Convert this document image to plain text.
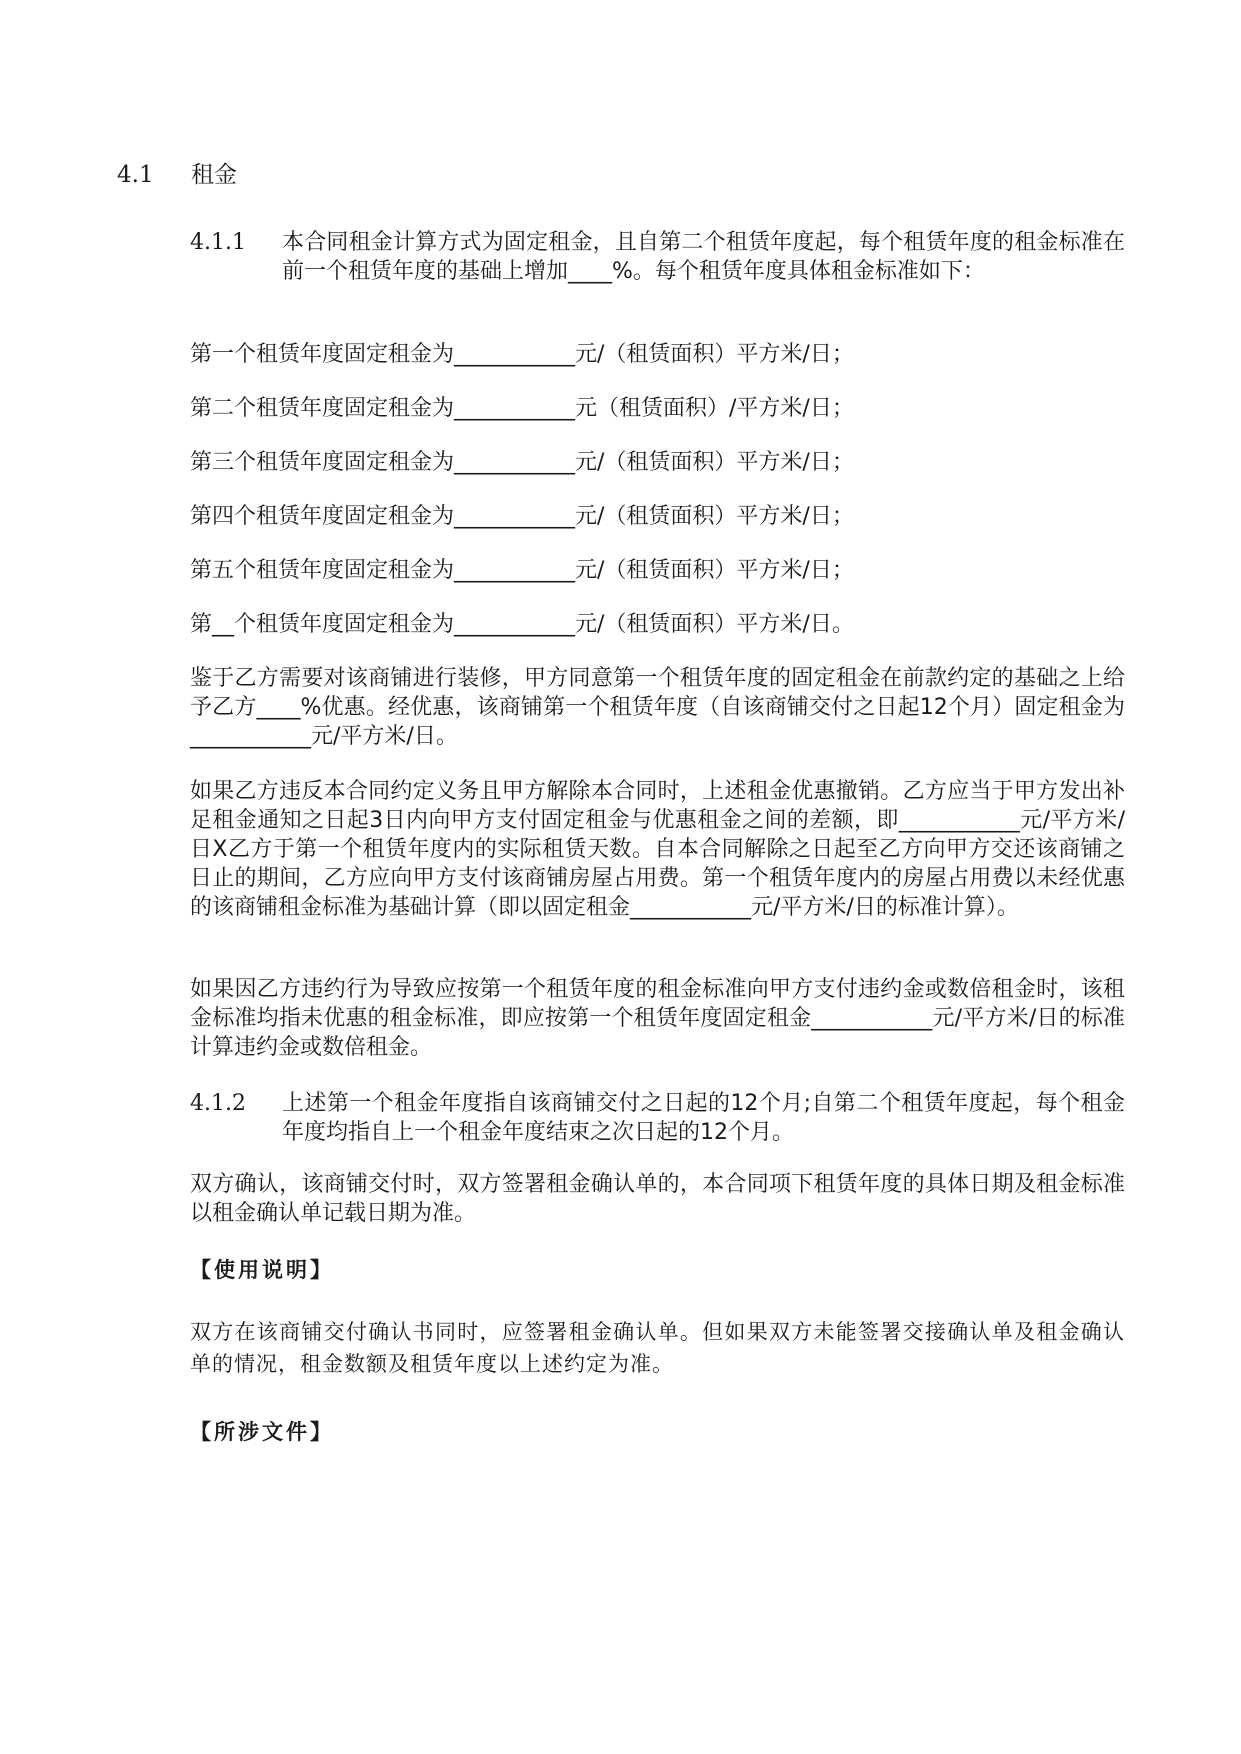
4.1 租金
4.1.1 本合同租金计算方式为固定租金，且自第二个租赁年度起，每个租赁年度的租金标准在前一个租赁年度的基础上增加____%。每个租赁年度具体租金标准如下：
第一个租赁年度固定租金为___________元/（租赁面积）平方米/日；
第二个租赁年度固定租金为___________元（租赁面积）/平方米/日；
第三个租赁年度固定租金为___________元/（租赁面积）平方米/日；
第四个租赁年度固定租金为___________元/（租赁面积）平方米/日；
第五个租赁年度固定租金为___________元/（租赁面积）平方米/日；
第__个租赁年度固定租金为___________元/（租赁面积）平方米/日。
鉴于乙方需要对该商铺进行装修，甲方同意第一个租赁年度的固定租金在前款约定的基础之上给予乙方____%优惠。经优惠，该商铺第一个租赁年度（自该商铺交付之日起12个月）固定租金为___________元/平方米/日。
如果乙方违反本合同约定义务且甲方解除本合同时，上述租金优惠撤销。乙方应当于甲方发出补足租金通知之日起3日内向甲方支付固定租金与优惠租金之间的差额，即___________元/平方米/日X乙方于第一个租赁年度内的实际租赁天数。自本合同解除之日起至乙方向甲方交还该商铺之日止的期间，乙方应向甲方支付该商铺房屋占用费。第一个租赁年度内的房屋占用费以未经优惠的该商铺租金标准为基础计算（即以固定租金___________元/平方米/日的标准计算）。
如果因乙方违约行为导致应按第一个租赁年度的租金标准向甲方支付违约金或数倍租金时，该租金标准均指未优惠的租金标准，即应按第一个租赁年度固定租金___________元/平方米/日的标准计算违约金或数倍租金。
4.1.2 上述第一个租金年度指自该商铺交付之日起的12个月;自第二个租赁年度起，每个租金年度均指自上一个租金年度结束之次日起的12个月。
双方确认，该商铺交付时，双方签署租金确认单的，本合同项下租赁年度的具体日期及租金标准以租金确认单记载日期为准。
【使用说明】
双方在该商铺交付确认书同时，应签署租金确认单。但如果双方未能签署交接确认单及租金确认单的情况，租金数额及租赁年度以上述约定为准。
【所涉文件】
